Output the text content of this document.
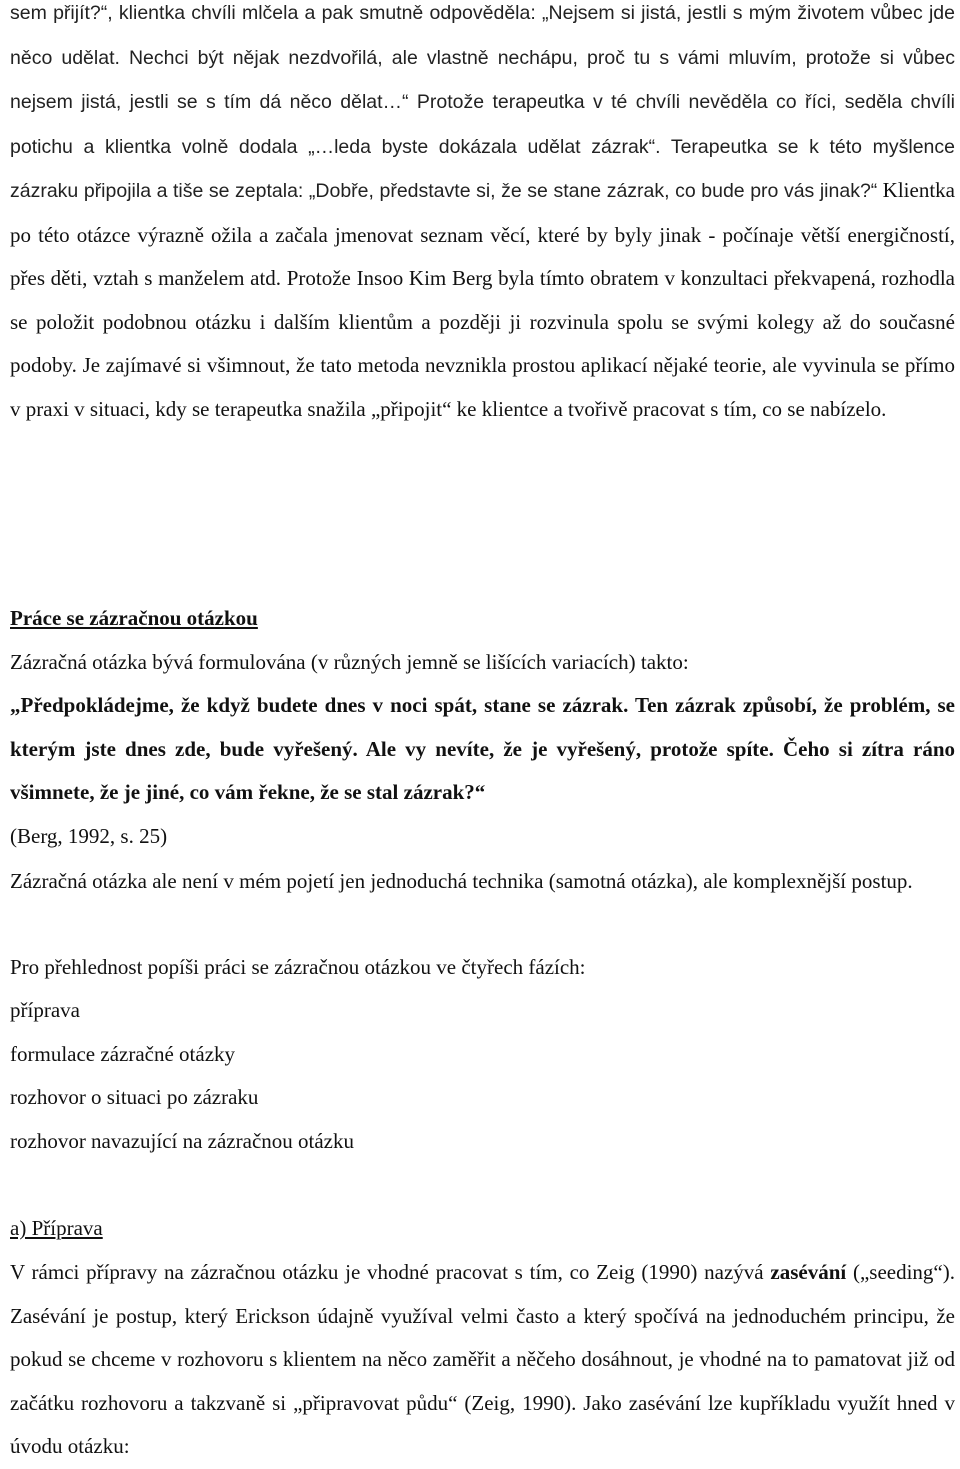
sem přijít?“, klientka chvíli mlčela a pak smutně odpověděla: „Nejsem si jistá, jestli s mým životem vůbec jde něco udělat. Nechci být nějak nezdvořilá, ale vlastně nechápu, proč tu s vámi mluvím, protože si vůbec nejsem jistá, jestli se s tím dá něco dělat…“ Protože terapeutka v té chvíli nevěděla co říci, seděla chvíli potichu a klientka volně dodala „…leda byste dokázala udělat zázrak“. Terapeutka se k této myšlence zázraku připojila a tiše se zeptala: „Dobře, představte si, že se stane zázrak, co bude pro vás jinak?“ Klientka po této otázce výrazně ožila a začala jmenovat seznam věcí, které by byly jinak - počínaje větší energičností, přes děti, vztah s manželem atd. Protože Insoo Kim Berg byla tímto obratem v konzultaci překvapená, rozhodla se položit podobnou otázku i dalším klientům a později ji rozvinula spolu se svými kolegy až do současné podoby. Je zajímavé si všimnout, že tato metoda nevznikla prostou aplikací nějaké teorie, ale vyvinula se přímo v praxi v situaci, kdy se terapeutka snažila „připojit“ ke klientce a tvořivě pracovat s tím, co se nabízelo.

Práce se zázračnou otázkou

Zázračná otázka bývá formulována (v různých jemně se lišících variacích) takto:

„Předpokládejme, že když budete dnes v noci spát, stane se zázrak. Ten zázrak způsobí, že problém, se kterým jste dnes zde, bude vyřešený. Ale vy nevíte, že je vyřešený, protože spíte. Čeho si zítra ráno všimnete, že je jiné, co vám řekne, že se stal zázrak?“

(Berg, 1992, s. 25)

Zázračná otázka ale není v mém pojetí jen jednoduchá technika (samotná otázka), ale komplexnější postup.

Pro přehlednost popíši práci se zázračnou otázkou ve čtyřech fázích:

příprava

formulace zázračné otázky

rozhovor o situaci po zázraku

rozhovor navazující na zázračnou otázku

a) Příprava

V rámci přípravy na zázračnou otázku je vhodné pracovat s tím, co Zeig (1990) nazývá zasévání („seeding“). Zasévání je postup, který Erickson údajně využíval velmi často a který spočívá na jednoduchém principu, že pokud se chceme v rozhovoru s klientem na něco zaměřit a něčeho dosáhnout, je vhodné na to pamatovat již od začátku rozhovoru a takzvaně si „připravovat půdu“ (Zeig, 1990). Jako zasévání lze kupříkladu využít hned v úvodu otázku:
